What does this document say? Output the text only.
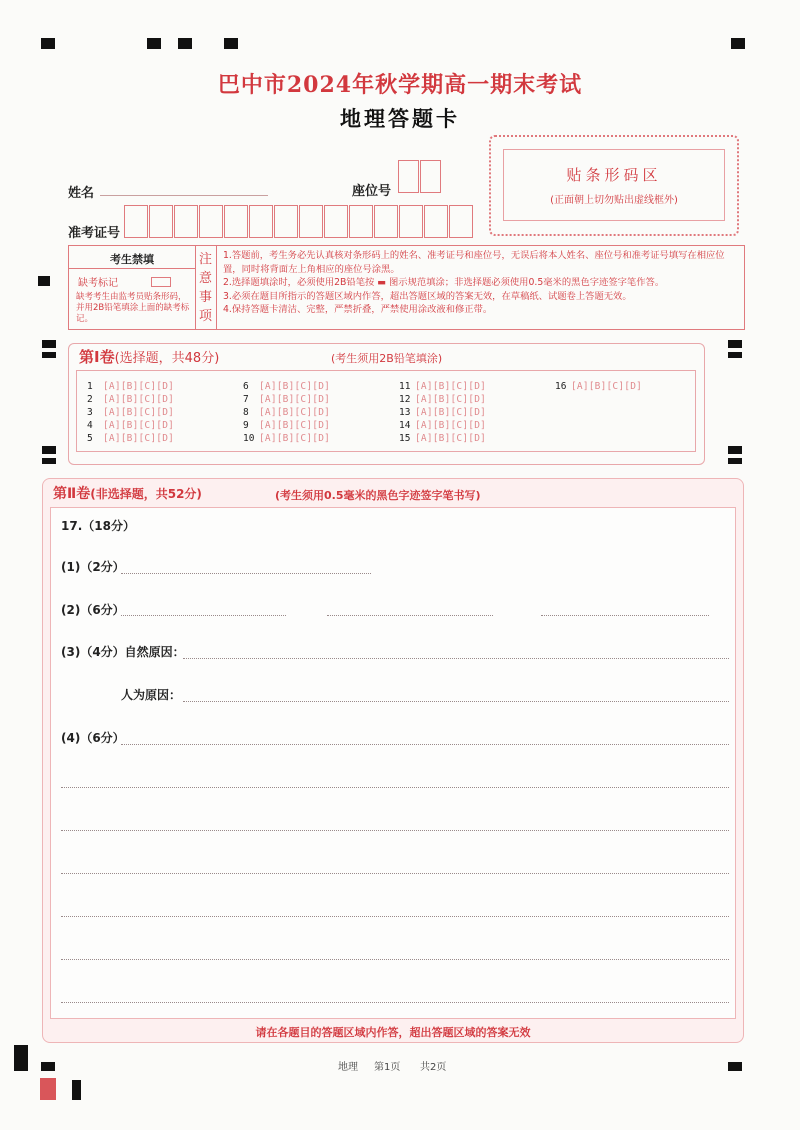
巴中市2024年秋学期高一期末考试
地理答题卡
姓名	座位号
准考证号
贴条形码区
(正面朝上切勿贴出虚线框外)
考生禁填
缺考标记
缺考考生由监考员贴条形码，并用2B铅笔填涂上面的缺考标记。
注
意
事
项
1.答题前，考生务必先认真核对条形码上的姓名、准考证号和座位号，无误后将本人姓名、座位号和准考证号填写在相应位置，同时将背面左上角相应的座位号涂黑。
2.选择题填涂时，必须使用2B铅笔按 ▬ 图示规范填涂；非选择题必须使用0.5毫米的黑色字迹签字笔作答。
3.必须在题目所指示的答题区域内作答，超出答题区域的答案无效，在草稿纸、试题卷上答题无效。
4.保持答题卡清洁、完整，严禁折叠，严禁使用涂改液和修正带。
第Ⅰ卷(选择题，共48分)	(考生须用2B铅笔填涂)
1 [A][B][C][D]
2 [A][B][C][D]
3 [A][B][C][D]
4 [A][B][C][D]
5 [A][B][C][D]
6 [A][B][C][D]
7 [A][B][C][D]
8 [A][B][C][D]
9 [A][B][C][D]
10 [A][B][C][D]
11 [A][B][C][D]
12 [A][B][C][D]
13 [A][B][C][D]
14 [A][B][C][D]
15 [A][B][C][D]
16 [A][B][C][D]
第Ⅱ卷(非选择题，共52分)	(考生须用0.5毫米的黑色字迹签字笔书写)
17.（18分）
(1)（2分）
(2)（6分）
(3)（4分）自然原因：
人为原因：
(4)（6分）
请在各题目的答题区域内作答，超出答题区域的答案无效
地理 第1页 共2页
